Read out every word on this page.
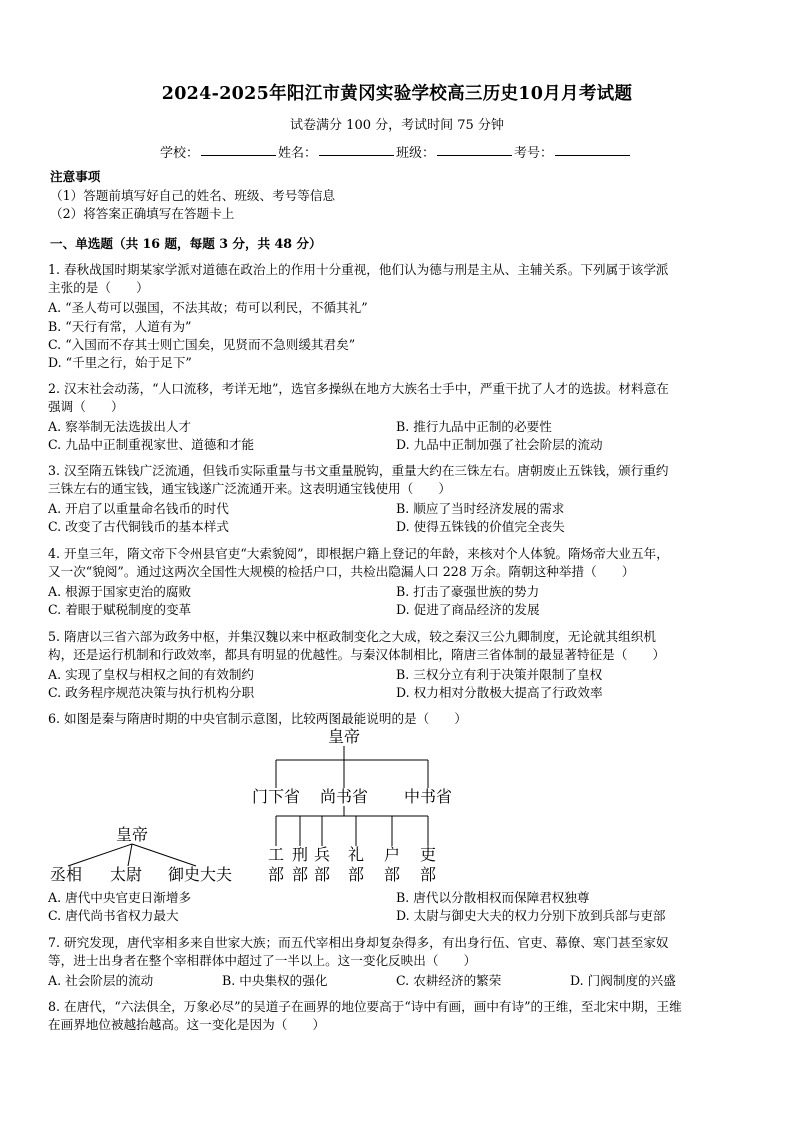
2024-2025年阳江市黄冈实验学校高三历史10月月考试题
试卷满分 100 分，考试时间 75 分钟
学校：	姓名：	班级：	考号：
注意事项
（1）答题前填写好自己的姓名、班级、考号等信息
（2）将答案正确填写在答题卡上
一、单选题（共 16 题，每题 3 分，共 48 分）
1. 春秋战国时期某家学派对道德在政治上的作用十分重视，他们认为德与刑是主从、主辅关系。下列属于该学派
主张的是（　　）
A. “圣人苟可以强国，不法其故；苟可以利民，不循其礼”
B. “天行有常，人道有为”
C. “入国而不存其士则亡国矣，见贤而不急则缓其君矣”
D. “千里之行，始于足下”
2. 汉末社会动荡，“人口流移，考详无地”，选官多操纵在地方大族名士手中，严重干扰了人才的选拔。材料意在
强调（　　）
A. 察举制无法选拔出人才	B. 推行九品中正制的必要性
C. 九品中正制重视家世、道德和才能	D. 九品中正制加强了社会阶层的流动
3. 汉至隋五铢钱广泛流通，但钱币实际重量与书文重量脱钩，重量大约在三铢左右。唐朝废止五铢钱，颁行重约
三铢左右的通宝钱，通宝钱遂广泛流通开来。这表明通宝钱使用（　　）
A. 开启了以重量命名钱币的时代	B. 顺应了当时经济发展的需求
C. 改变了古代铜钱币的基本样式	D. 使得五铢钱的价值完全丧失
4. 开皇三年，隋文帝下令州县官吏“大索貌阅”，即根据户籍上登记的年龄，来核对个人体貌。隋炀帝大业五年，
又一次“貌阅”。通过这两次全国性大规模的检括户口，共检出隐漏人口 228 万余。隋朝这种举措（　　）
A. 根源于国家吏治的腐败	B. 打击了豪强世族的势力
C. 着眼于赋税制度的变革	D. 促进了商品经济的发展
5. 隋唐以三省六部为政务中枢，并集汉魏以来中枢政制变化之大成，较之秦汉三公九卿制度，无论就其组织机
构，还是运行机制和行政效率，都具有明显的优越性。与秦汉体制相比，隋唐三省体制的最显著特征是（　　）
A. 实现了皇权与相权之间的有效制约	B. 三权分立有利于决策并限制了皇权
C. 政务程序规范决策与执行机构分职	D. 权力相对分散极大提高了行政效率
6. 如图是秦与隋唐时期的中央官制示意图，比较两图最能说明的是（　　）
皇帝
门下省 尚书省 中书省
工
部
刑
部
兵
部
礼
部
户
部
吏
部
皇帝
丞相 太尉 御史大夫
A. 唐代中央官吏日渐增多	B. 唐代以分散相权而保障君权独尊
C. 唐代尚书省权力最大	D. 太尉与御史大夫的权力分别下放到兵部与吏部
7. 研究发现，唐代宰相多来自世家大族；而五代宰相出身却复杂得多，有出身行伍、官吏、幕僚、寒门甚至家奴
等，进士出身者在整个宰相群体中超过了一半以上。这一变化反映出（　　）
A. 社会阶层的流动	B. 中央集权的强化	C. 农耕经济的繁荣	D. 门阀制度的兴盛
8. 在唐代，“六法俱全，万象必尽”的吴道子在画界的地位要高于“诗中有画，画中有诗”的王维，至北宋中期，王维
在画界地位被越抬越高。这一变化是因为（　　）
